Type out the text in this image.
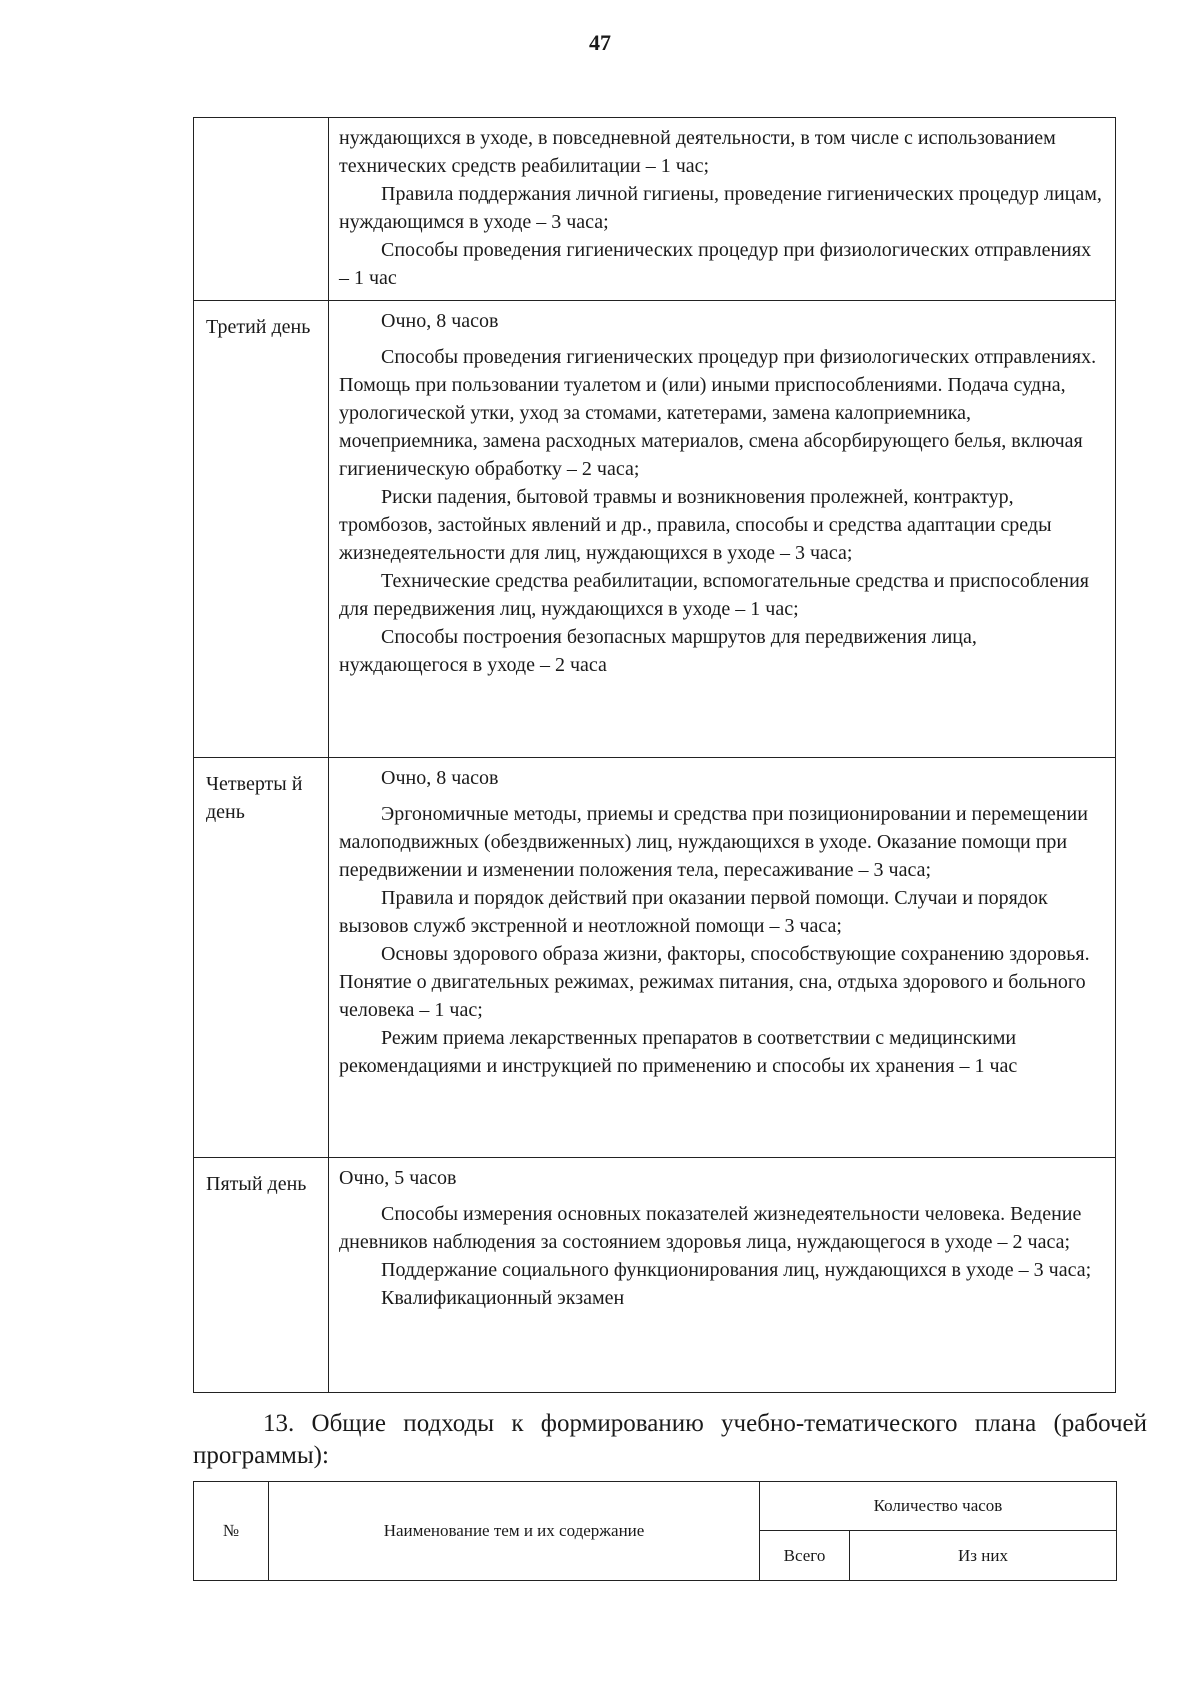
47

	нуждающихся в уходе, в повседневной деятельности, в том числе с использованием технических средств реабилитации – 1 час;

Правила поддержания личной гигиены, проведение гигиенических процедур лицам, нуждающимся в уходе – 3 часа;

Способы проведения гигиенических процедур при физиологических отправлениях – 1 час

Третий день	Очно, 8 часов

Способы проведения гигиенических процедур при физиологических отправлениях. Помощь при пользовании туалетом и (или) иными приспособлениями. Подача судна, урологической утки, уход за стомами, катетерами, замена калоприемника, мочеприемника, замена расходных материалов, смена абсорбирующего белья, включая гигиеническую обработку – 2 часа;

Риски падения, бытовой травмы и возникновения пролежней, контрактур, тромбозов, застойных явлений и др., правила, способы и средства адаптации среды жизнедеятельности для лиц, нуждающихся в уходе – 3 часа;

Технические средства реабилитации, вспомогательные средства и приспособления для передвижения лиц, нуждающихся в уходе – 1 час;

Способы построения безопасных маршрутов для передвижения лица, нуждающегося в уходе – 2 часа

Четверты й день	Очно, 8 часов

Эргономичные методы, приемы и средства при позиционировании и перемещении малоподвижных (обездвиженных) лиц, нуждающихся в уходе. Оказание помощи при передвижении и изменении положения тела, пересаживание – 3 часа;

Правила и порядок действий при оказании первой помощи. Случаи и порядок вызовов служб экстренной и неотложной помощи – 3 часа;

Основы здорового образа жизни, факторы, способствующие сохранению здоровья. Понятие о двигательных режимах, режимах питания, сна, отдыха здорового и больного человека – 1 час;

Режим приема лекарственных препаратов в соответствии с медицинскими рекомендациями и инструкцией по применению и способы их хранения – 1 час

Пятый день	Очно, 5 часов

Способы измерения основных показателей жизнедеятельности человека. Ведение дневников наблюдения за состоянием здоровья лица, нуждающегося в уходе – 2 часа;

Поддержание социального функционирования лиц, нуждающихся в уходе – 3 часа;

Квалификационный экзамен

13. Общие подходы к формированию учебно-тематического плана (рабочей программы):
№	Наименование тем и их содержание	Количество часов	
		Всего	Из них
